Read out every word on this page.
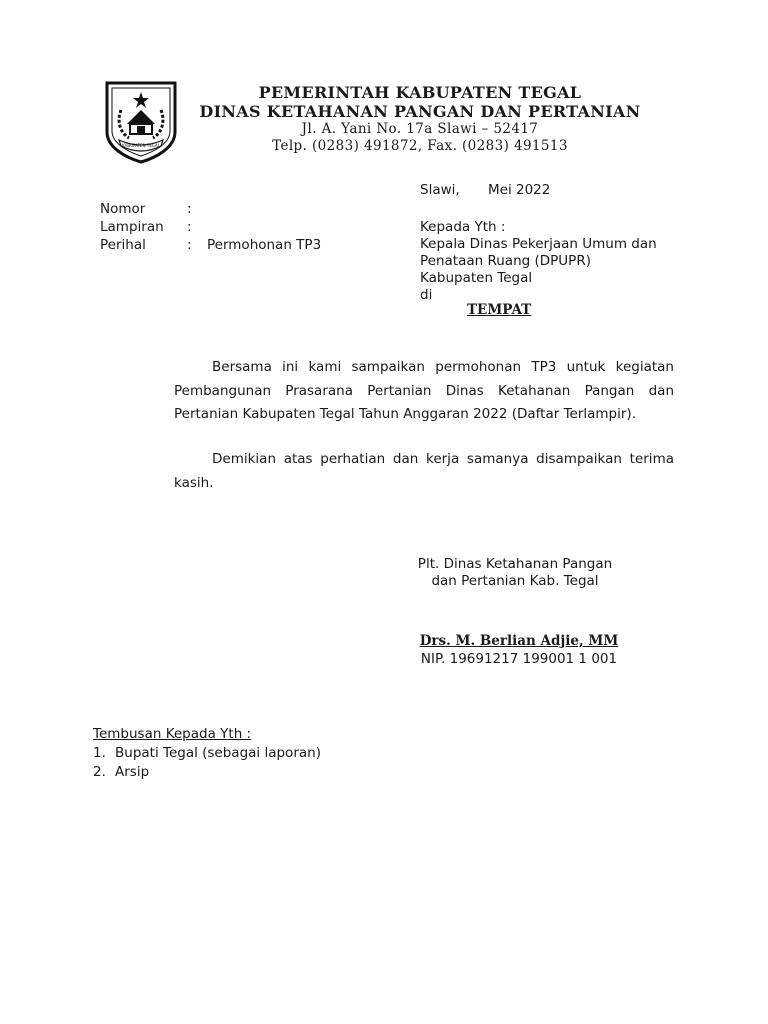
KABUPATEN TEGAL
PEMERINTAH KABUPATEN TEGAL
DINAS KETAHANAN PANGAN DAN PERTANIAN
Jl. A. Yani No. 17a Slawi – 52417
Telp. (0283) 491872, Fax. (0283) 491513
Slawi, Mei 2022
Nomor	:
Lampiran :
Perihal	: Permohonan TP3
Kepada Yth :
Kepala Dinas Pekerjaan Umum dan
Penataan Ruang (DPUPR)
Kabupaten Tegal
di
TEMPAT
Bersama ini kami sampaikan permohonan TP3 untuk kegiatan Pembangunan Prasarana Pertanian Dinas Ketahanan Pangan dan Pertanian Kabupaten Tegal Tahun Anggaran 2022 (Daftar Terlampir).
Demikian atas perhatian dan kerja samanya disampaikan terima kasih.
Plt. Dinas Ketahanan Pangan
dan Pertanian Kab. Tegal
Drs. M. Berlian Adjie, MM
NIP. 19691217 199001 1 001
Tembusan Kepada Yth :
1. Bupati Tegal (sebagai laporan)
2. Arsip
